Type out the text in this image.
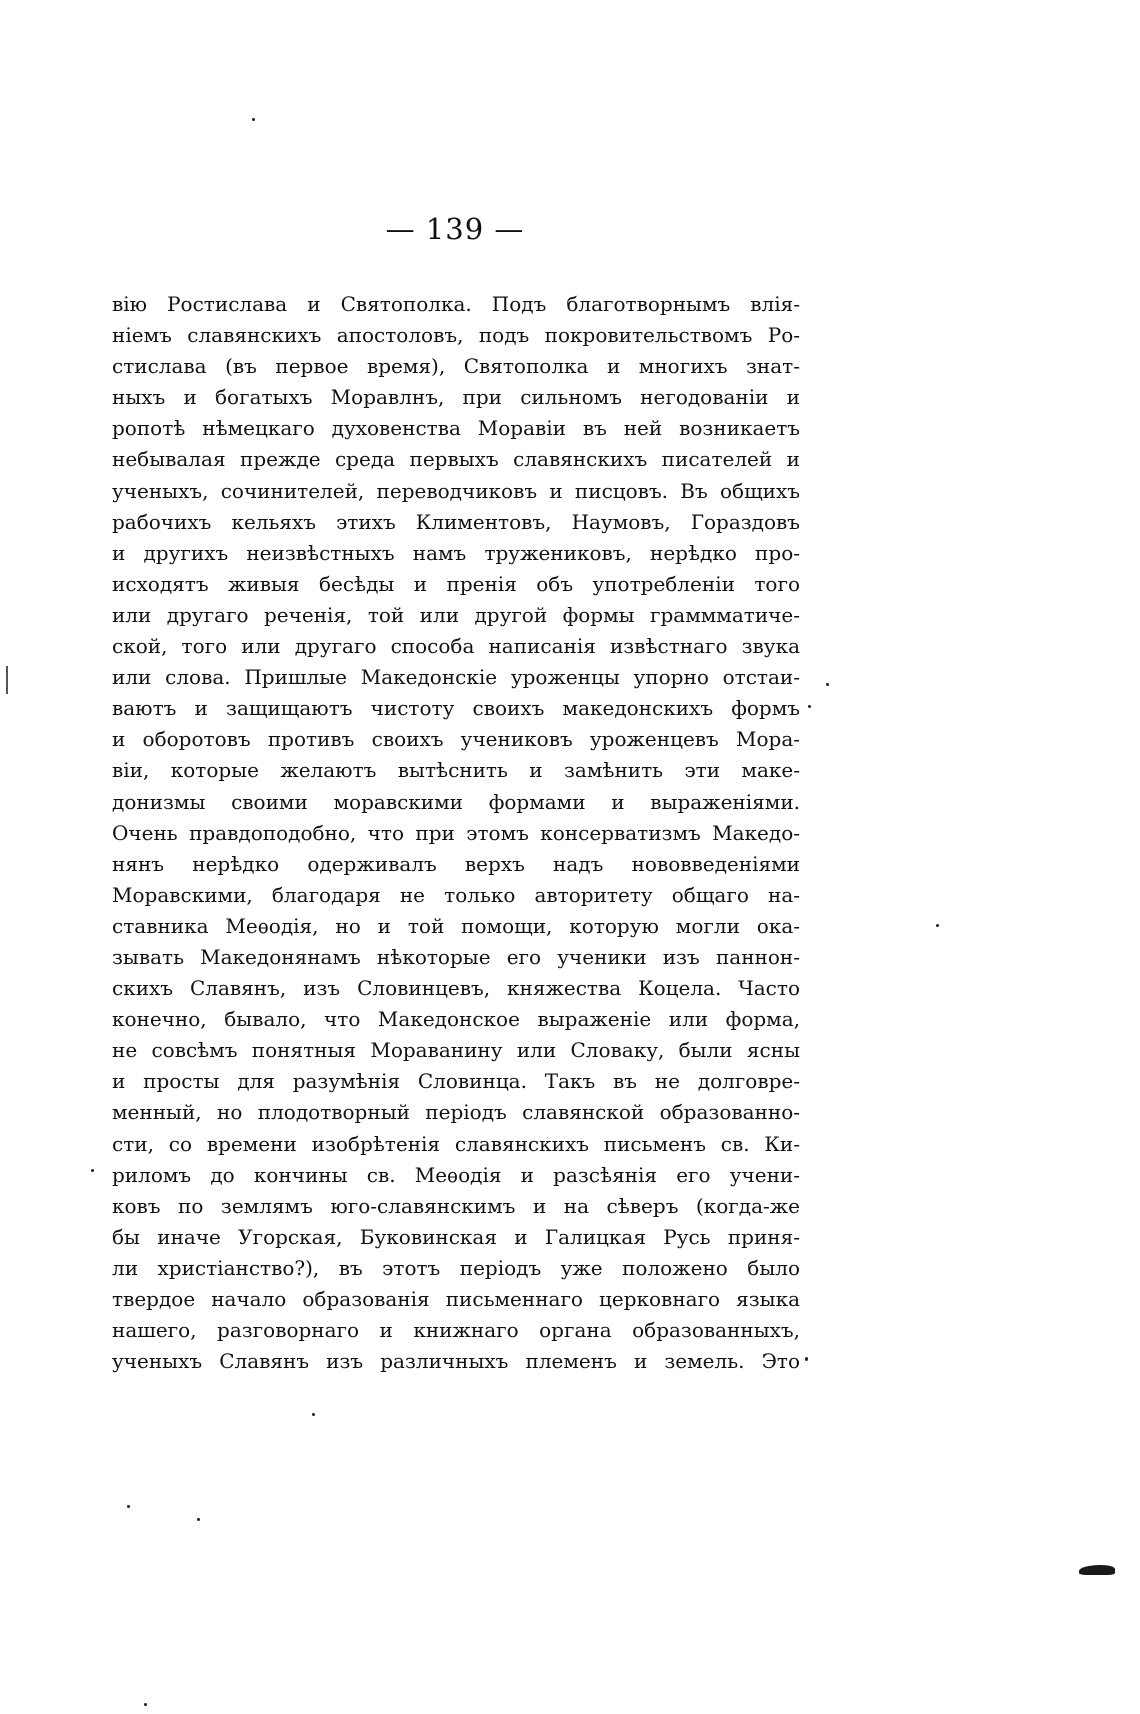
— 139 —
вію Ростислава и Святополка. Подъ благотворнымъ влія-
ніемъ славянскихъ апостоловъ, подъ покровительствомъ Ро-
стислава (въ первое время), Святополка и многихъ знат-
ныхъ и богатыхъ Моравлнъ, при сильномъ негодованіи и
ропотѣ нѣмецкаго духовенства Моравіи въ ней возникаетъ
небывалая прежде среда первыхъ славянскихъ писателей и
ученыхъ, сочинителей, переводчиковъ и писцовъ. Въ общихъ
рабочихъ кельяхъ этихъ Климентовъ, Наумовъ, Гораздовъ
и другихъ неизвѣстныхъ намъ тружениковъ, нерѣдко про-
исходятъ живыя бесѣды и пренія объ употребленіи того
или другаго реченія, той или другой формы граммматиче-
ской, того или другаго способа написанія извѣстнаго звука
или слова. Пришлые Македонскіе уроженцы упорно отстаи-
ваютъ и защищаютъ чистоту своихъ македонскихъ формъ
и оборотовъ противъ своихъ учениковъ уроженцевъ Мора-
віи, которые желаютъ вытѣснить и замѣнить эти маке-
донизмы своими моравскими формами и выраженіями.
Очень правдоподобно, что при этомъ консерватизмъ Македо-
нянъ нерѣдко одерживалъ верхъ надъ нововведеніями
Моравскими, благодаря не только авторитету общаго на-
ставника Меѳодія, но и той помощи, которую могли ока-
зывать Македонянамъ нѣкоторые его ученики изъ паннон-
скихъ Славянъ, изъ Словинцевъ, княжества Коцела. Часто
конечно, бывало, что Македонское выраженіе или форма,
не совсѣмъ понятныя Мораванину или Словаку, были ясны
и просты для разумѣнія Словинца. Такъ въ не долговре-
менный, но плодотворный періодъ славянской образованно-
сти, со времени изобрѣтенія славянскихъ письменъ св. Ки-
риломъ до кончины св. Меѳодія и разсѣянія его учени-
ковъ по землямъ юго-славянскимъ и на сѣверъ (когда-же
бы иначе Угорская, Буковинская и Галицкая Русь приня-
ли христіанство?), въ этотъ періодъ уже положено было
твердое начало образованія письменнаго церковнаго языка
нашего, разговорнаго и книжнаго органа образованныхъ,
ученыхъ Славянъ изъ различныхъ племенъ и земель. Это
